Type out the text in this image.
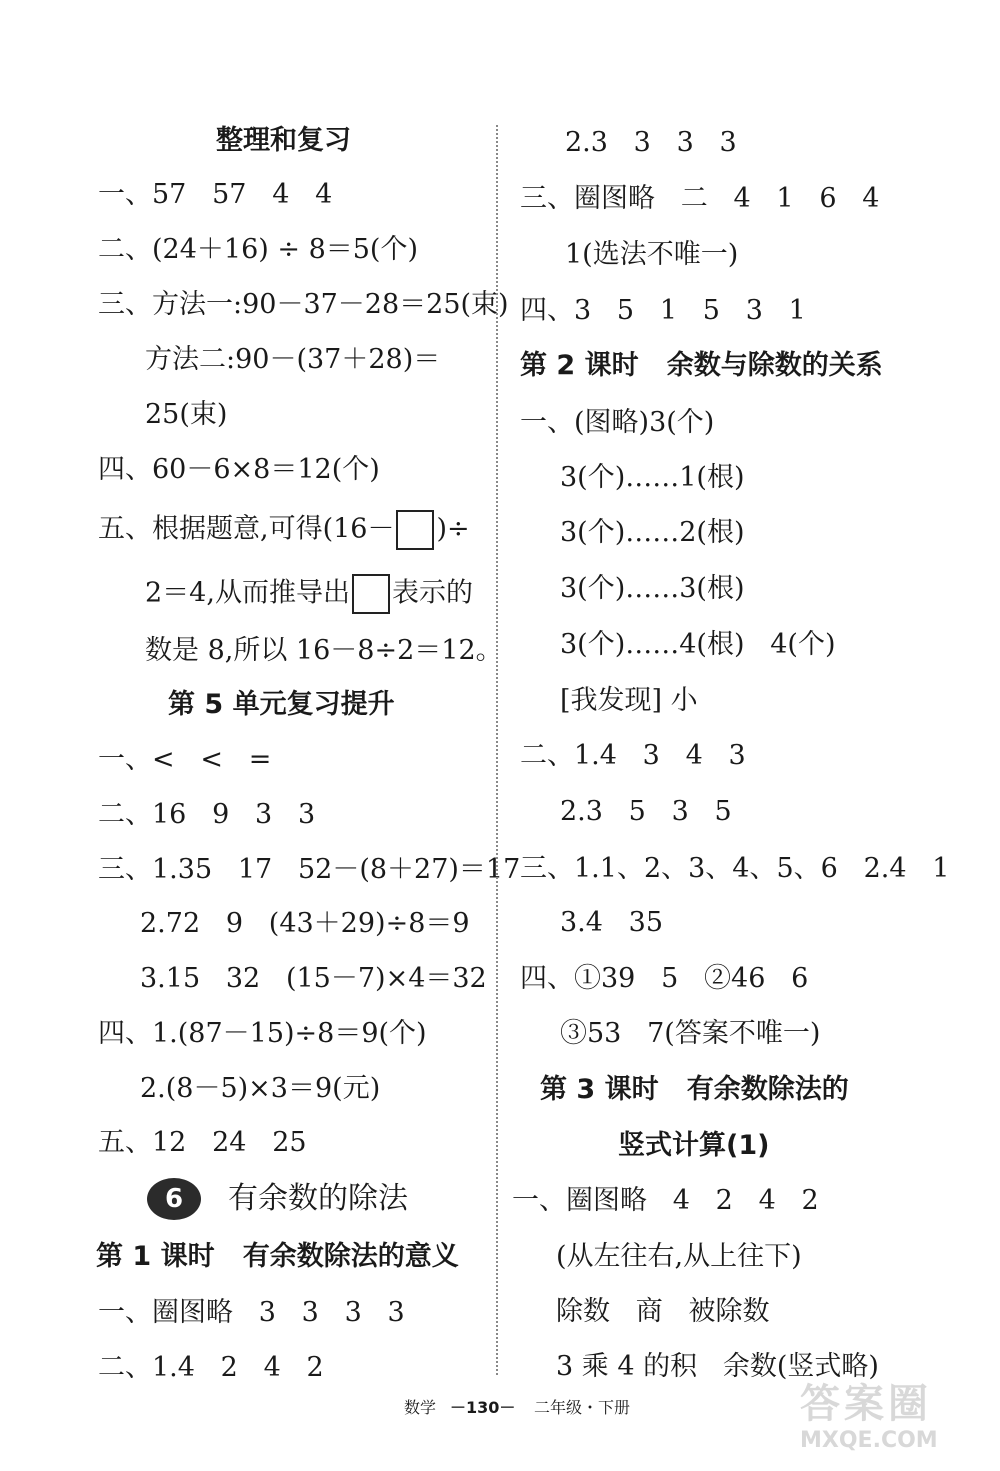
整理和复习
一、57   57   4   4
二、(24＋16) ÷ 8＝5(个)
三、方法一:90－37－28＝25(束)
方法二:90－(37＋28)＝
25(束)
四、60－6×8＝12(个)
五、根据题意,可得(16－ )÷
2＝4,从而推导出 表示的
数是 8,所以 16－8÷2＝12。
第 5 单元复习提升
一、<   <   =
二、16   9   3   3
三、1.35   17   52－(8＋27)＝17
2.72   9   (43＋29)÷8＝9
3.15   32   (15－7)×4＝32
四、1.(87－15)÷8＝9(个)
2.(8－5)×3＝9(元)
五、12   24   25
6	有余数的除法
第 1 课时   有余数除法的意义
一、圈图略   3   3   3   3
二、1.4   2   4   2
2.3   3   3   3
三、圈图略   二   4   1   6   4
1(选法不唯一)
四、3   5   1   5   3   1
第 2 课时   余数与除数的关系
一、(图略)3(个)
3(个)……1(根)
3(个)……2(根)
3(个)……3(根)
3(个)……4(根)   4(个)
[我发现] 小
二、1.4   3   4   3
2.3   5   3   5
三、1.1、2、3、4、5、6   2.4   1
3.4   35
四、①39   5   ②46   6
③53   7(答案不唯一)
第 3 课时   有余数除法的
竖式计算(1)
一、圈图略   4   2   4   2
(从左往右,从上往下)
除数   商   被除数
3 乘 4 的积   余数(竖式略)
数学 －130－ 二年级・下册	答案圈
MXQE.COM
